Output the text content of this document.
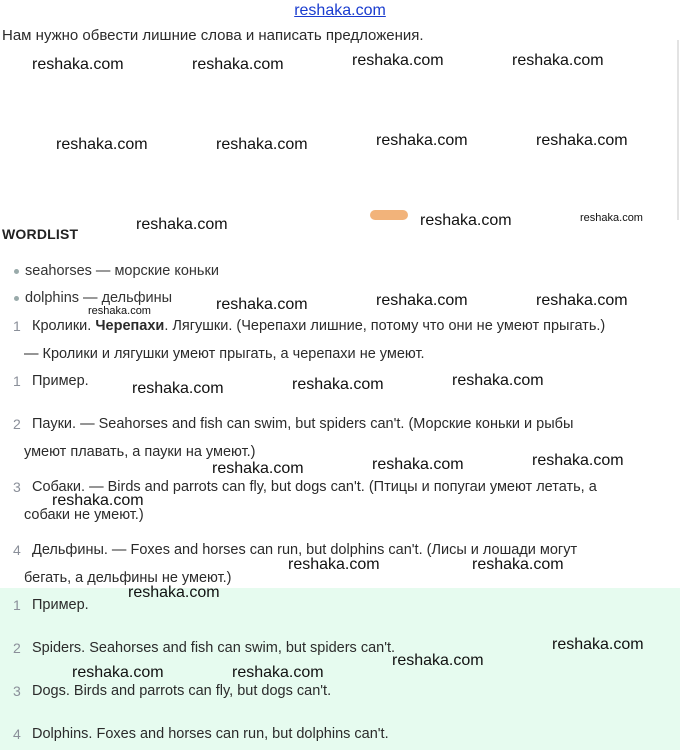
reshaka.com
Нам нужно обвести лишние слова и написать предложения.
WORDLIST
seahorses — морские коньки
dolphins — дельфины
1 Кролики. Черепахи. Лягушки. (Черепахи лишние, потому что они не умеют прыгать.)
— Кролики и лягушки умеют прыгать, а черепахи не умеют.
1 Пример.
2 Пауки. — Seahorses and fish can swim, but spiders can't. (Морские коньки и рыбы
умеют плавать, а пауки на умеют.)
3 Собаки. — Birds and parrots can fly, but dogs can't. (Птицы и попугаи умеют летать, а
собаки не умеют.)
4 Дельфины. — Foxes and horses can run, but dolphins can't. (Лисы и лошади могут
бегать, а дельфины не умеют.)
1 Пример.
2 Spiders. Seahorses and fish can swim, but spiders can't.
3 Dogs. Birds and parrots can fly, but dogs can't.
4 Dolphins. Foxes and horses can run, but dolphins can't.
reshaka.com	reshaka.com	reshaka.com	reshaka.com
reshaka.com	reshaka.com	reshaka.com	reshaka.com
reshaka.com	reshaka.com	reshaka.com
reshaka.com
reshaka.com
reshaka.com	reshaka.com
reshaka.com	reshaka.com	reshaka.com
reshaka.com	reshaka.com	reshaka.com
reshaka.com
reshaka.com	reshaka.com
reshaka.com
reshaka.com
reshaka.com
reshaka.com	reshaka.com
